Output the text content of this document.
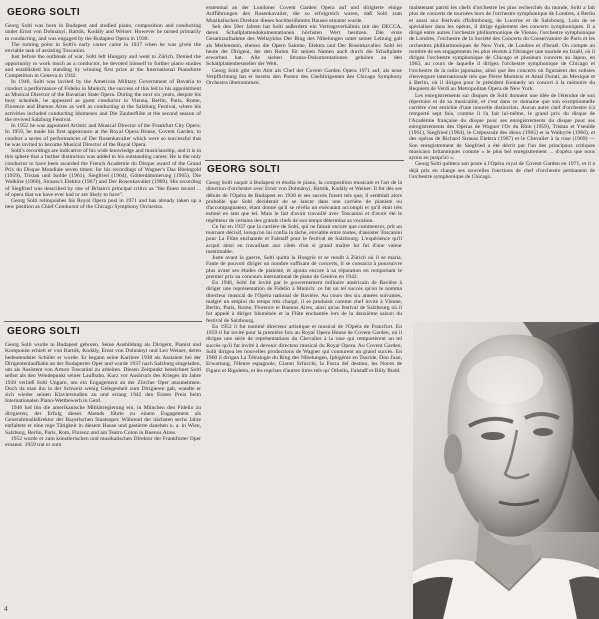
GEORG SOLTI

Georg Solti was born in Budapest and studied piano, composition and conducting under Ernst von Dohnányi, Bartók, Kodály and Weiner. However he turned primarily to conducting, and was engaged by the Budapest Opera in 1930.

The turning point in Solti's early career came in 1937 when he was given the enviable task of assisting Toscanini.

Just before the outbreak of war, Solti left Hungary and went to Zürich. Denied the opportunity to work much as a conductor, he devoted himself to further piano studies and established his standing by winning first prize at the International Pianoforte Competition in Geneva in 1942.

In 1946, Solti was invited by the American Military Government of Bavaria to conduct a performance of Fidelio in Munich; the success of this led to his appointment as Musical Director of the Bavarian State Opera. During the next six years, despite his busy schedule, he appeared as guest conductor in Vienna, Berlin, Paris, Rome, Florence and Buenos Aires as well as conducting at the Salzburg Festival, where his activities included conducting Idomeneo and Die Zauberflöte at the second season of the revived Salzburg Festival.

In 1952 he was appointed Artistic and Musical Director of the Frankfurt City Opera. In 1959, he made his first appearance at the Royal Opera House, Covent Garden, to conduct a series of performances of Der Rosenkavalier which were so successful that he was invited to become Musical Director of the Royal Opera.

Solti's recordings are indicative of his wide knowledge and musicianship, and it is in this sphere that a further distinction was added to his outstanding career. He is the only conductor to have been awarded the French Academie du Disque award of the Grand Prix du Disque Mondiale seven times: for his recordings of Wagner's Das Rheingold (1959), Tristan und Isolde (1961), Siegfried (1964), Götterdämmerung (1965), Die Walküre (1966), Strauss's Elektra (1967) and Der Rosenkavalier (1969). His recording of Siegfried was described by one of Britain's principal critics as "the finest record ... of opera that we have ever had or are likely to have".

Georg Solti relinquishes his Royal Opera post in 1971 and has already taken up a new position as Chief Conductor of the Chicago Symphony Orchestra.

GEORG SOLTI

Georg Solti wurde in Budapest geboren. Seine Ausbildung als Dirigent, Pianist und Komponist erhielt er von Bartók, Kodály, Ernst von Dohnányi und Leo Weiner, deren bedeutendster Schüler er wurde. Er begann seine Karriere 1930 als Assistent bei der Dirigentenlaufbahn an der Budapester Oper und wurde 1937 nach Salzburg eingeladen, um als Assistent von Arturo Toscanini zu arbeiten. Diesen Zeitpunkt bezeichnet Solti selbst als den Wendepunkt seiner Laufbahn. Kurz vor Ausbruch des Krieges im Jahre 1939 verließ Solti Ungarn, um ein Engagement an der Zürcher Oper anzunehmen. Doch da man ihn in der Schweiz wenig Gelegenheit zum Dirigieren gab, wandte er sich wieder seinen Klavierstudien zu und errang 1942 den Ersten Preis beim Internationalen Piano-Wettbewerb in Genf.

1946 lud ihn die amerikanische Militärregierung ein, in München den Fidelio zu dirigieren; der Erfolg dieses Abends führte zu einem Engagement als Generalmusikdirektor der Bayerischen Staatsoper. Während der nächsten sechs Jahre entfaltete er eine rege Tätigkeit in diesem Hause und gastierte daneben u. a. in Wien, Salzburg, Berlin, Paris, Rom, Florenz und am Teatro Colon in Buenos Aires.

1952 wurde er zum künstlerischen und musikalischen Direktor der Frankfurter Oper ernannt. 1959 trat er zum

4

erstenmal an der Londoner Covent Garden Opera auf und dirigierte einige Aufführungen des Rosenkavalier, die so erfolgreich waren, daß Solti zum Musikalischen Direktor dieses hochberühmten Hauses ernannt wurde.

Seit den 50er Jahren hat Solti außerdem ein Vertragsverhältnis mit der DECCA, deren Schallplattendokumentationen höchsten Wert besitzen. Die erste Gesamtaufnahme des Weltzyklus Der Ring des Nibelungen unter seiner Leitung galt als Meilenstein, ebenso die Opern Salome, Elektra und Der Rosenkavalier. Solti ist heute der Dirigent, der den Ruhm für seinen Namen auch durch die Schallplatte erworben hat. Alle sieben Strauss-Dokumentationen gehören zu den Schallplattenbestseller der Welt.

Georg Solti gibt sein Amt als Chef der Covent Garden Opera 1971 auf, als neue Verpflichtung hat er bereits den Posten des Chefdirigenten des Chicago Symphony Orchestra übernommen.

GEORG SOLTI

Georg Solti naquit à Budapest et étudia le piano, la composition musicale et l'art de la direction d'orchestre avec Ernst von Dohnányi, Bartók, Kodály et Weiner. Il fut dès ses débuts de l'Opéra de Budapest en 1930 et ses succès furent tels que; il semblait alors probable que Solti déciderait de se lancer dans une carrière de pianiste ou d'accompagnateur, étant donné qu'il se révéla un exécutant accompli et qu'il était très estimé en tant que tel. Mais le fait d'avoir travaillé avec Toscanini et d'avoir été le répétiteur de certains des grands chefs de son temps détermina sa vocation.

Ce fut en 1937 que la carrière de Solti, qui ne faisait encore que commencer, prit un tournant décisif, lorsqu'on lui confia la tâche, enviable entre toutes, d'assister Toscanini pour La Flûte enchantée et Falstaff pour le festival de Salzbourg. L'expérience qu'il acquit ainsi en travaillant aux côtés d'un si grand maître lui fut d'une valeur inestimable.

Juste avant la guerre, Solti quitta la Hongrie et se rendit à Zürich où il se maria. Faute de pouvoir diriger un nombre suffisant de concerts, il se consacra à poursuivre plus avant ses études de pianiste, et ajouta encore à sa réputation en remportant le premier prix au concours international de piano de Genève en 1942.

En 1946, Solti fut invité par le gouvernement militaire américain de Bavière à diriger une représentation de Fidelio à Munich: ce fut un tel succès qu'on le nomma directeur musical de l'Opéra national de Bavière. Au cours des six années suivantes, malgré un emploi du temps très chargé, il se produisit comme chef invité à Vienne, Berlin, Paris, Rome, Florence et Buenos Aires, ainsi qu'au festival de Salzbourg où il fut appelé à diriger Idoménée et la Flûte enchantée lors de la deuxième saison du festival de Salzbourg.

En 1952 il fut nommé directeur artistique et musical de l'Opéra de Francfort. En 1959 il fut invité pour la première fois au Royal Opera House de Covent Garden, où il dirigea une série de représentations du Chevalier à la rose qui remportèrent un tel succès qu'il fut invité à devenir directeur musical du Royal Opera. Au Covent Garden, Solti dirigea les nouvelles productions de Wagner qui connurent un grand succès. En 1960 il dirigea La Tétralogie du Ring des Nibelungen, Iphigénie en Tauride, Don Juan, Erwartung, l'Heure espagnole, Gianni Schicchi, la Forza del destino, les Noces de Figaro et Rigoletto, et les reprises d'autres titres tels qu' Othello, Falstaff et Billy Budd.

maintenant parmi les chefs d'orchestre les plus recherchés du monde, Solti a fait plus de concerts de tournées hors de l'orchestre symphonique de Londres, à Berlin et aussi aux festivals d'Edimbourg, de Lucerne et de Salzbourg. Loin de se spécialiser dans les opéras, il dirige également des concerts symphoniques. Il a dirigé entre autres l'orchestre philharmonique de Vienne, l'orchestre symphonique de Londres, l'orchestre de la Société des Concerts du Conservatoire de Paris et les orchestres philharmoniques de New York, de Londres et d'Israël. On compte au nombre de ses engagements les plus récents à l'étranger une tournée en Israël, où il dirigea l'orchestre symphonique de Chicago et plusieurs concerts au Japon, en 1963, au cours de laquelle il dirigea l'orchestre symphonique de Chicago et l'orchestre de la radio japonaise, ainsi que des concerts où figuraient des solistes d'envergure internationale tels que Pierre Monteux et Antal Dorati, au Mexique et à Berlin, où il dirigea pour le président Kennedy un concert à la mémoire du Requiem de Verdi au Metropolitan Opera de New York.

Les enregistrements sur disques de Solti donnent une idée de l'étendue de son répertoire et de sa musicalité, et c'est dans ce domaine que son exceptionnelle carrière s'est enrichie d'une nouvelle distinction. Aucun autre chef d'orchestre n'a remporté sept fois, comme il l'a fait lui-même, le grand prix du disque de l'Académie française du disque pour ses enregistrements du disque pour ses enregistrements des Opéras de Wagner l'Or du Rhin (1959), Tristan et Yseulde (1961), Siegfried (1964), le Crépuscule des dieux (1965) et la Walkyrie (1966), et des opéras de Richard Strauss Elektra (1967) et le Chevalier à la rose (1969) — Son enregistrement de Siegfried a été décrit par l'un des principaux critiques musicaux britanniques comme « le plus bel enregistrement ... d'opéra que nous ayons eu jusqu'ici ».

Georg Solti quittera son poste à l'Opéra royal de Covent Garden en 1971, et il a déjà pris en charge ses nouvelles fonctions de chef d'orchestre permanent de l'orchestre symphonique de Chicago.
